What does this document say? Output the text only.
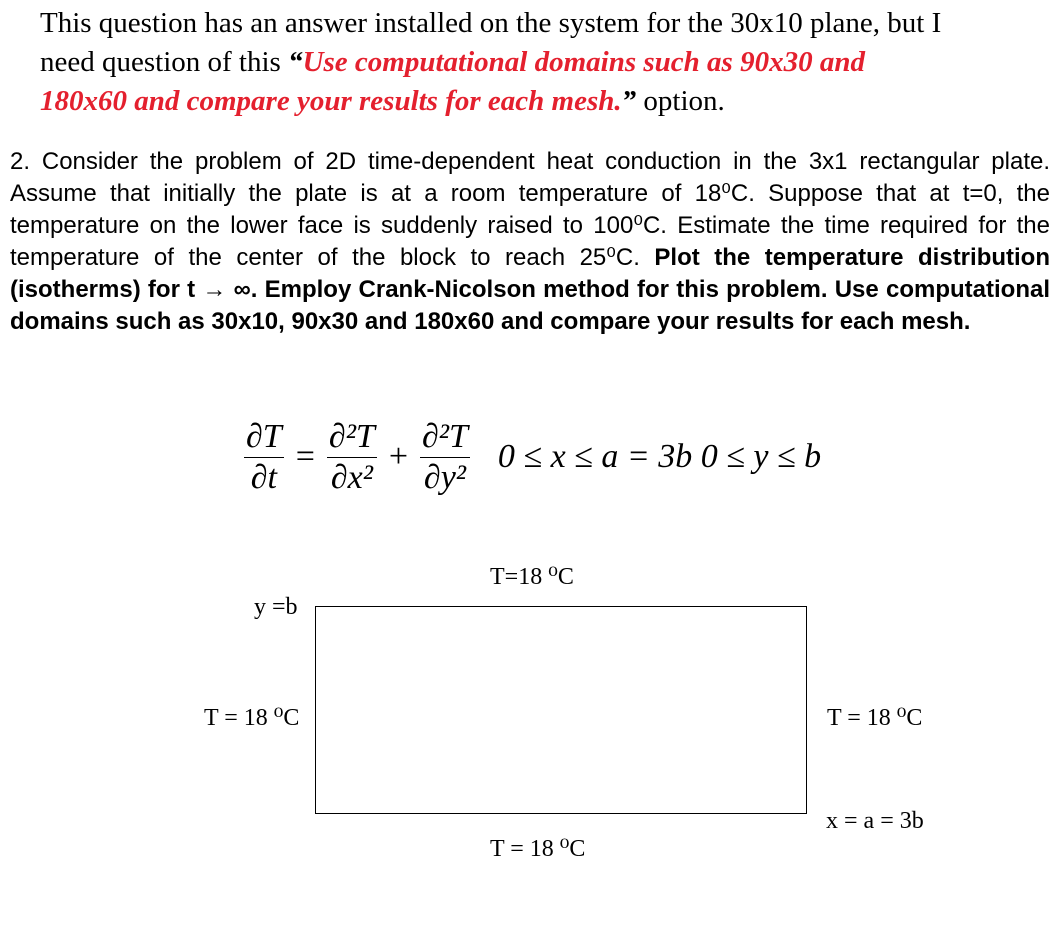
This question has an answer installed on the system for the 30x10 plane, but I
need question of this “Use computational domains such as 90x30 and
180x60 and compare your results for each mesh.” option.
2. Consider the problem of 2D time-dependent heat conduction in the 3x1 rectangular plate. Assume that initially the plate is at a room temperature of 18⁰C. Suppose that at t=0, the temperature on the lower face is suddenly raised to 100⁰C. Estimate the time required for the temperature of the center of the block to reach 25⁰C. Plot the temperature distribution (isotherms) for t → ∞. Employ Crank-Nicolson method for this problem. Use computational domains such as 30x10, 90x30 and 180x60 and compare your results for each mesh.
$\frac{\partial T}{\partial t} = \frac{\text{∂²T}}{\text{∂x²}} + \frac{\text{∂²T}}{\text{∂y²}} 0 \le x \le a = 3b$ 0 ≤ y ≤ b
T=18 ⁰C
y =b
T = 18 ⁰C	T = 18 ⁰C
x = a = 3b
T = 18 ⁰C
